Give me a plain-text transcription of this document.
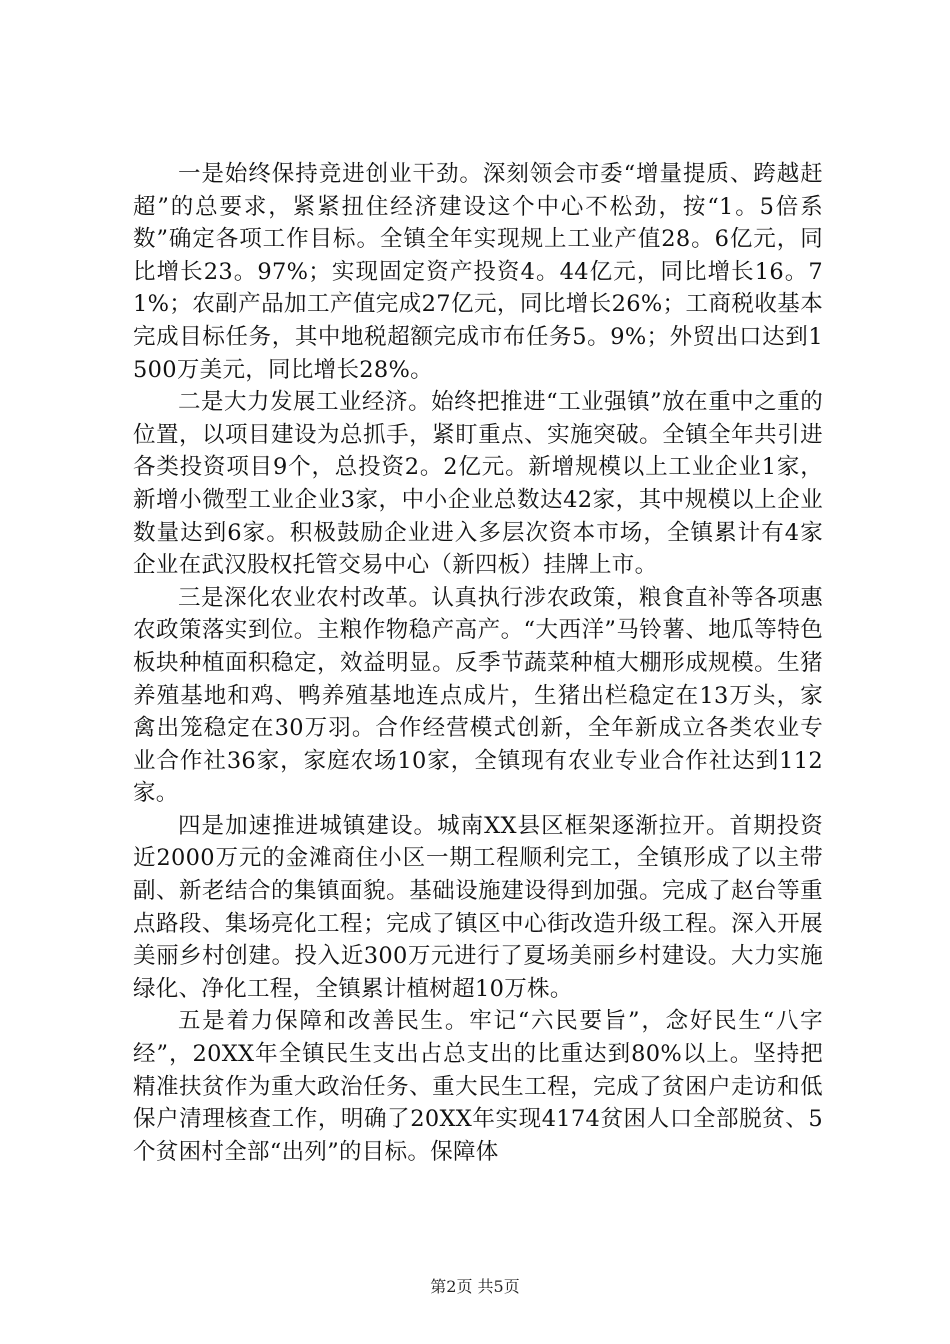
一是始终保持竞进创业干劲。深刻领会市委“增量提质、跨越赶超”的总要求，紧紧扭住经济建设这个中心不松劲，按“1。5倍系数”确定各项工作目标。全镇全年实现规上工业产值28。6亿元，同比增长23。97%；实现固定资产投资4。44亿元，同比增长16。71%；农副产品加工产值完成27亿元，同比增长26%；工商税收基本完成目标任务，其中地税超额完成市布任务5。9%；外贸出口达到1500万美元，同比增长28%。

二是大力发展工业经济。始终把推进“工业强镇”放在重中之重的位置，以项目建设为总抓手，紧盯重点、实施突破。全镇全年共引进各类投资项目9个，总投资2。2亿元。新增规模以上工业企业1家，新增小微型工业企业3家，中小企业总数达42家，其中规模以上企业数量达到6家。积极鼓励企业进入多层次资本市场，全镇累计有4家企业在武汉股权托管交易中心（新四板）挂牌上市。

三是深化农业农村改革。认真执行涉农政策，粮食直补等各项惠农政策落实到位。主粮作物稳产高产。“大西洋”马铃薯、地瓜等特色板块种植面积稳定，效益明显。反季节蔬菜种植大棚形成规模。生猪养殖基地和鸡、鸭养殖基地连点成片，生猪出栏稳定在13万头，家禽出笼稳定在30万羽。合作经营模式创新，全年新成立各类农业专业合作社36家，家庭农场10家，全镇现有农业专业合作社达到112家。

四是加速推进城镇建设。城南XX县区框架逐渐拉开。首期投资近2000万元的金滩商住小区一期工程顺利完工，全镇形成了以主带副、新老结合的集镇面貌。基础设施建设得到加强。完成了赵台等重点路段、集场亮化工程；完成了镇区中心街改造升级工程。深入开展美丽乡村创建。投入近300万元进行了夏场美丽乡村建设。大力实施绿化、净化工程，全镇累计植树超10万株。

五是着力保障和改善民生。牢记“六民要旨”，念好民生“八字经”，20XX年全镇民生支出占总支出的比重达到80%以上。坚持把精准扶贫作为重大政治任务、重大民生工程，完成了贫困户走访和低保户清理核查工作，明确了20XX年实现4174贫困人口全部脱贫、5个贫困村全部“出列”的目标。保障体

第2页 共5页
